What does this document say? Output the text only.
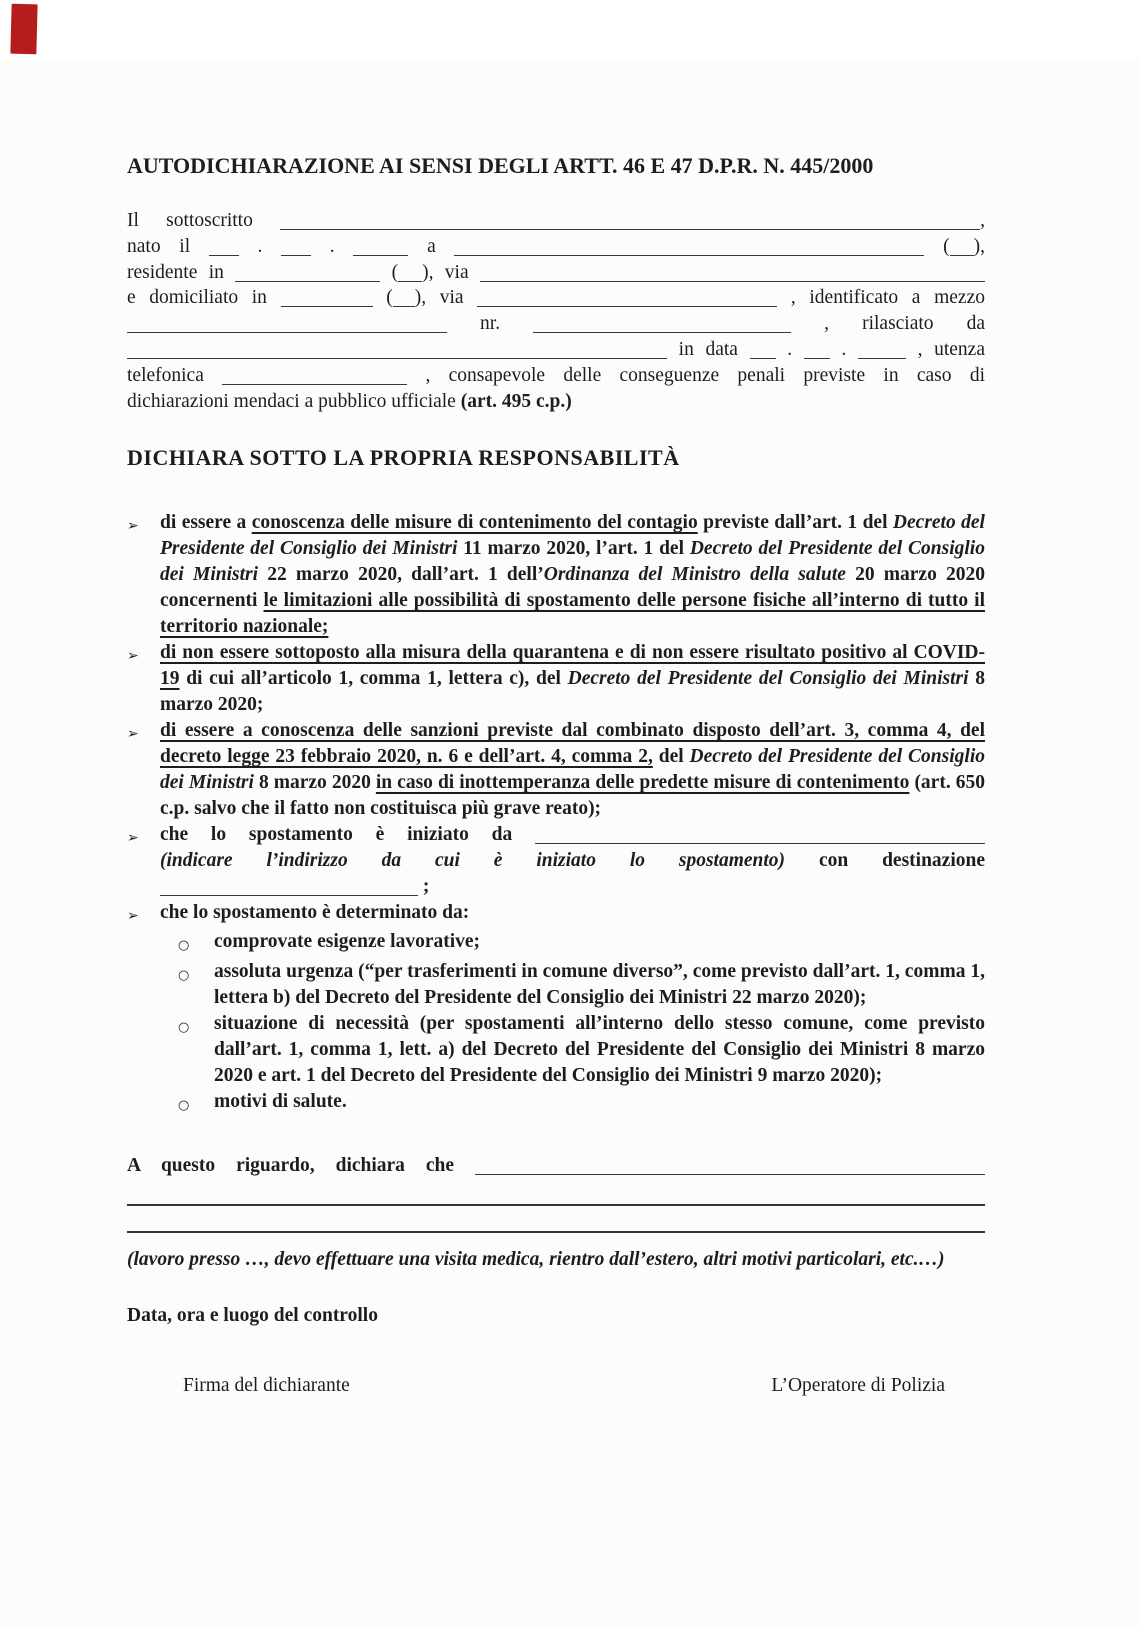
AUTODICHIARAZIONE AI SENSI DEGLI ARTT. 46 E 47 D.P.R. N. 445/2000
Il sottoscritto	,
nato il  .  .	a	( ),
residente in	( ), via
e domiciliato in	( ), via	, identificato a mezzo
nr.	, rilasciato da
in data  .  .  , utenza
telefonica	, consapevole delle conseguenze penali previste in caso di
dichiarazioni mendaci a pubblico ufficiale (art. 495 c.p.)
DICHIARA SOTTO LA PROPRIA RESPONSABILITÀ
➢	di essere a conoscenza delle misure di contenimento del contagio previste dall’art. 1 del Decreto del Presidente del Consiglio dei Ministri 11 marzo 2020, l’art. 1 del Decreto del Presidente del Consiglio dei Ministri 22 marzo 2020, dall’art. 1 dell’Ordinanza del Ministro della salute 20 marzo 2020 concernenti le limitazioni alle possibilità di spostamento delle persone fisiche all’interno di tutto il territorio nazionale;
➢	di non essere sottoposto alla misura della quarantena e di non essere risultato positivo al COVID-19 di cui all’articolo 1, comma 1, lettera c), del Decreto del Presidente del Consiglio dei Ministri 8 marzo 2020;
➢	di essere a conoscenza delle sanzioni previste dal combinato disposto dell’art. 3, comma 4, del decreto legge 23 febbraio 2020, n. 6 e dell’art. 4, comma 2, del Decreto del Presidente del Consiglio dei Ministri 8 marzo 2020 in caso di inottemperanza delle predette misure di contenimento (art. 650 c.p. salvo che il fatto non costituisca più grave reato);
➢	che lo spostamento è iniziato da
(indicare l’indirizzo da cui è iniziato lo spostamento) con destinazione
;
➢	che lo spostamento è determinato da:
○	comprovate esigenze lavorative;
○	assoluta urgenza (“per trasferimenti in comune diverso”, come previsto dall’art. 1, comma 1, lettera b) del Decreto del Presidente del Consiglio dei Ministri 22 marzo 2020);
○	situazione di necessità (per spostamenti all’interno dello stesso comune, come previsto dall’art. 1, comma 1, lett. a) del Decreto del Presidente del Consiglio dei Ministri 8 marzo 2020 e art. 1 del Decreto del Presidente del Consiglio dei Ministri 9 marzo 2020);
○	motivi di salute.
A questo riguardo, dichiara che
(lavoro presso …, devo effettuare una visita medica, rientro dall’estero, altri motivi particolari, etc.…)
Data, ora e luogo del controllo
Firma del dichiarante	L’Operatore di Polizia
